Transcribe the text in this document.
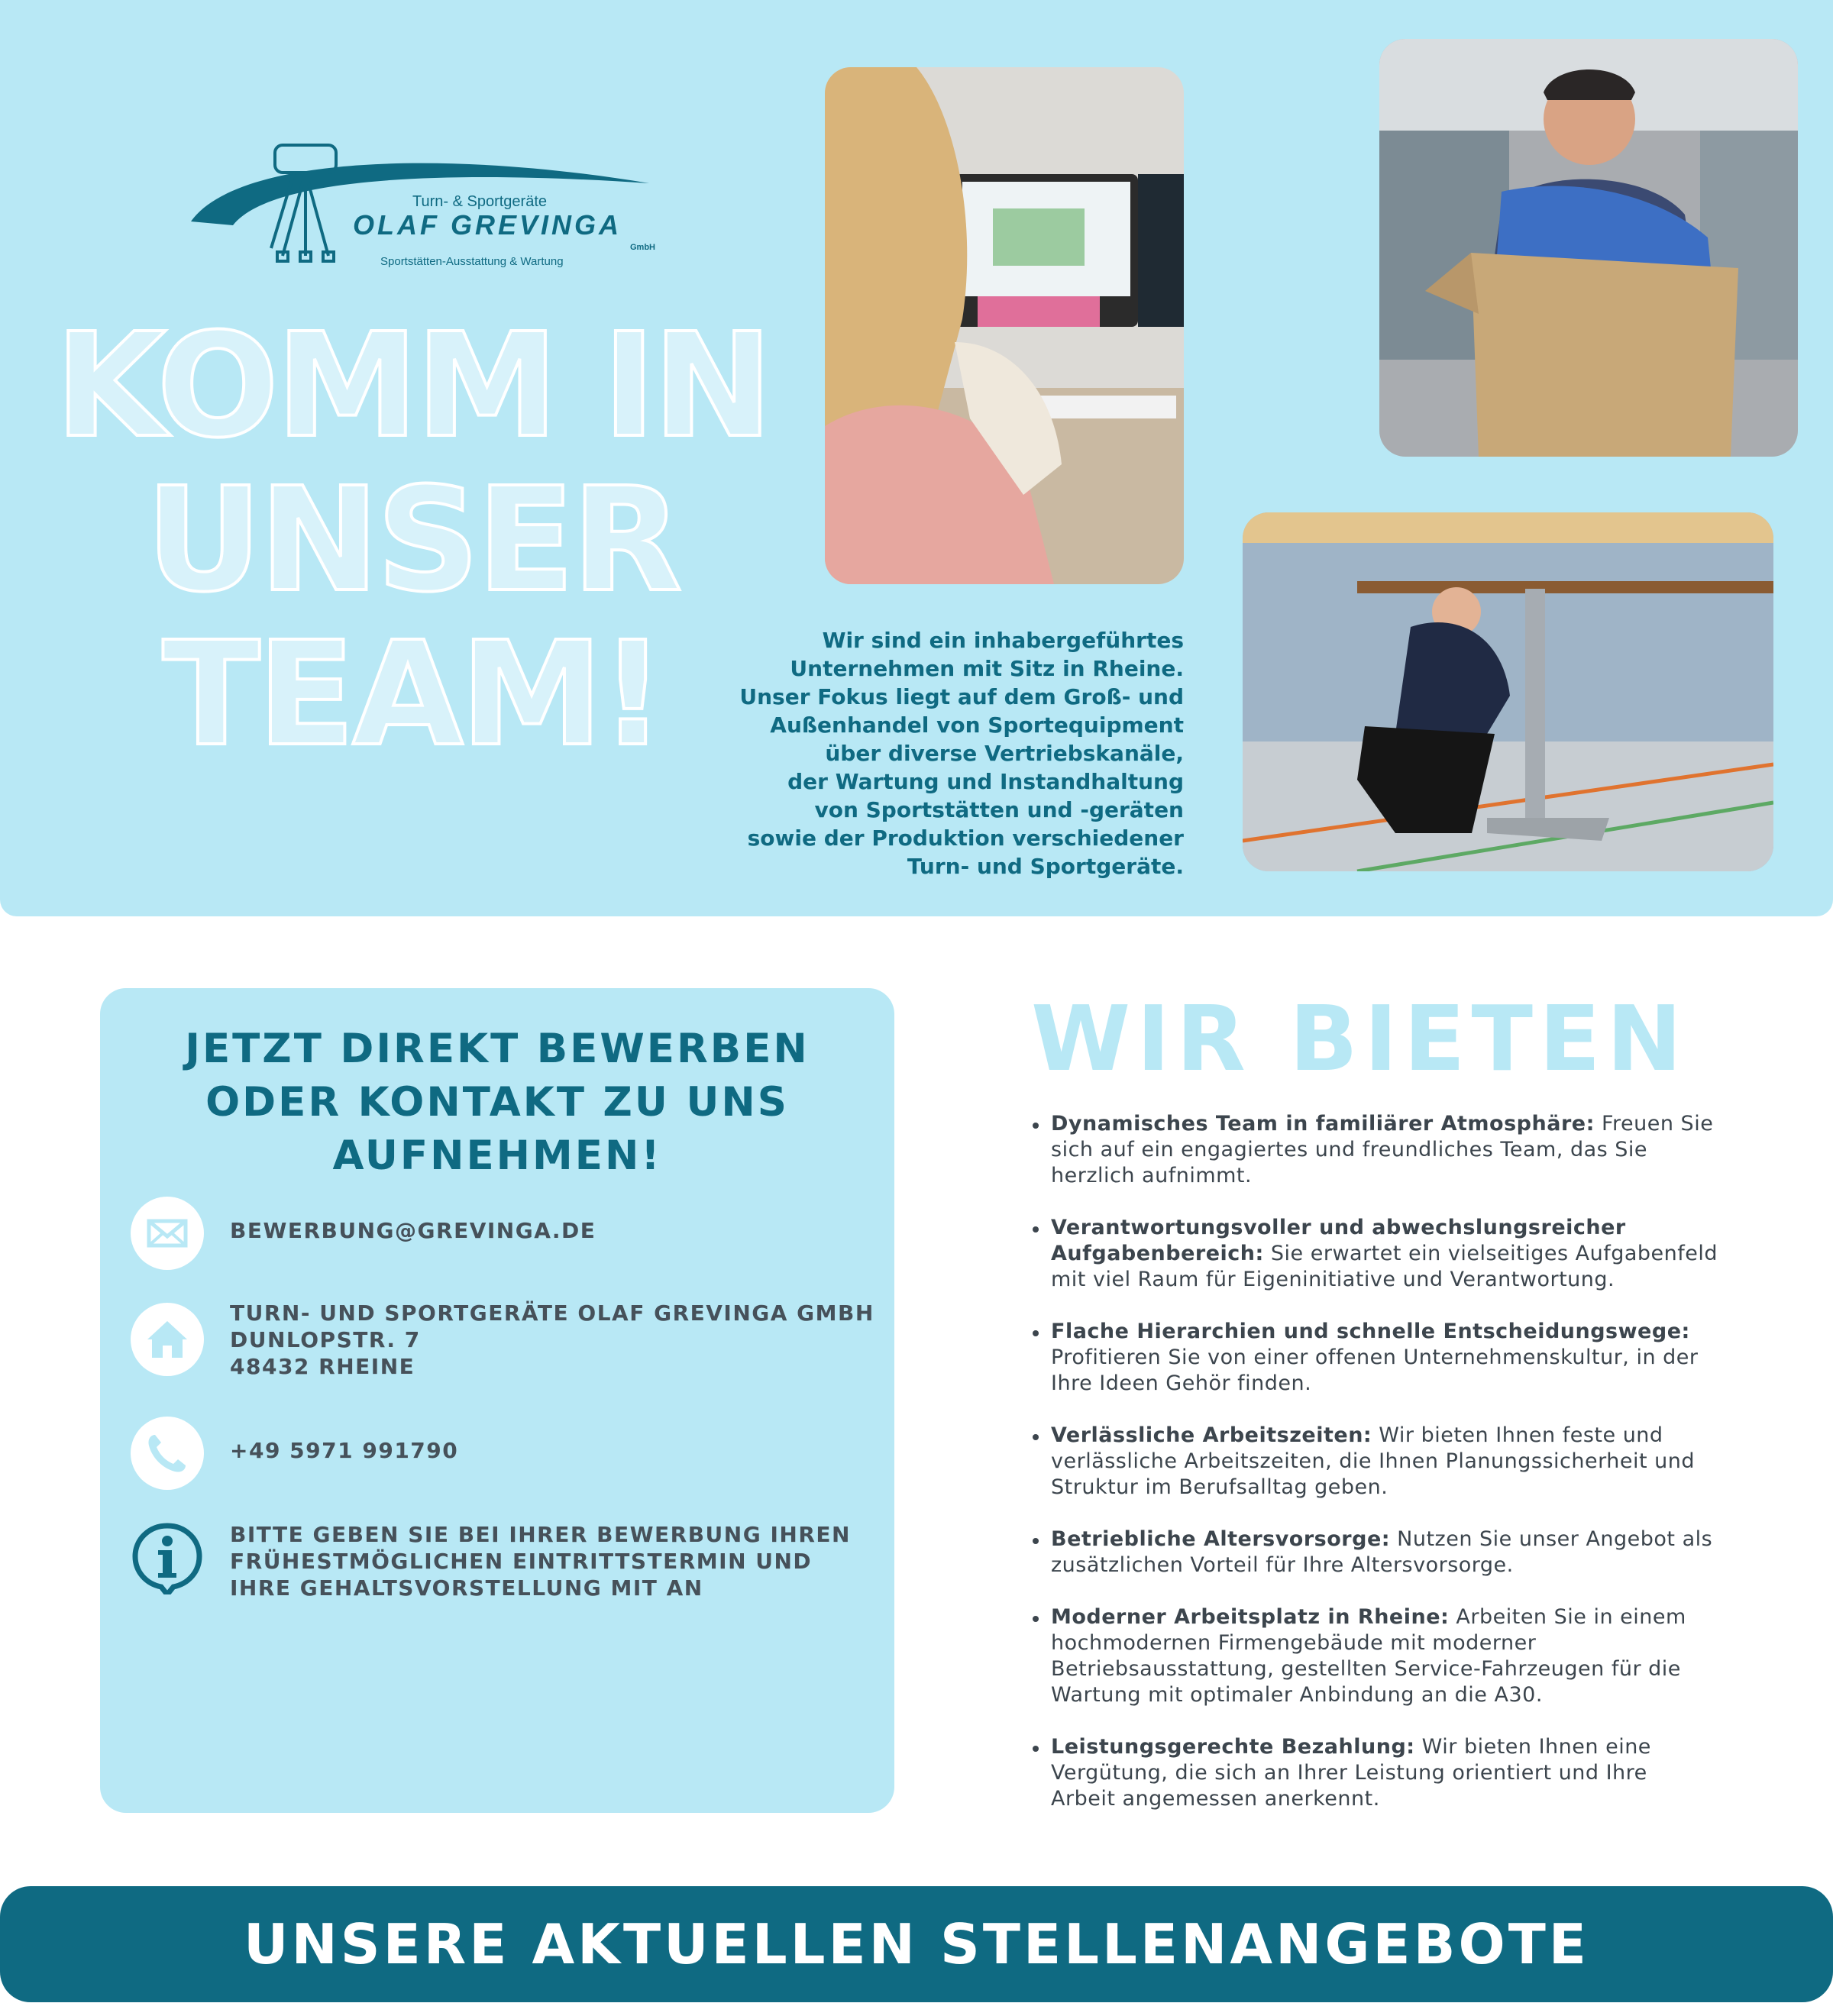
Turn- & Sportgeräte
OLAF GREVINGA
GmbH
Sportstätten-Ausstattung & Wartung
KOMM IN
UNSER
TEAM!	Wir sind ein inhabergeführtes
Unternehmen mit Sitz in Rheine.
Unser Fokus liegt auf dem Groß- und
Außenhandel von Sportequipment
über diverse Vertriebskanäle,
der Wartung und Instandhaltung
von Sportstätten und -geräten
sowie der Produktion verschiedener
Turn- und Sportgeräte.
JETZT DIREKT BEWERBEN ODER KONTAKT ZU UNS AUFNEHMEN!
BEWERBUNG@GREVINGA.DE
TURN- UND SPORTGERÄTE OLAF GREVINGA GMBH
DUNLOPSTR. 7
48432 RHEINE
+49 5971 991790
BITTE GEBEN SIE BEI IHRER BEWERBUNG IHREN FRÜHESTMÖGLICHEN EINTRITTSTERMIN UND IHRE GEHALTSVORSTELLUNG MIT AN
WIR BIETEN
Dynamisches Team in familiärer Atmosphäre: Freuen Sie sich auf ein engagiertes und freundliches Team, das Sie herzlich aufnimmt.
Verantwortungsvoller und abwechslungsreicher Aufgabenbereich: Sie erwartet ein vielseitiges Aufgabenfeld mit viel Raum für Eigeninitiative und Verantwortung.
Flache Hierarchien und schnelle Entscheidungswege: Profitieren Sie von einer offenen Unternehmenskultur, in der Ihre Ideen Gehör finden.
Verlässliche Arbeitszeiten: Wir bieten Ihnen feste und verlässliche Arbeitszeiten, die Ihnen Planungssicherheit und Struktur im Berufsalltag geben.
Betriebliche Altersvorsorge: Nutzen Sie unser Angebot als zusätzlichen Vorteil für Ihre Altersvorsorge.
Moderner Arbeitsplatz in Rheine: Arbeiten Sie in einem hochmodernen Firmengebäude mit moderner Betriebsausstattung, gestellten Service-Fahrzeugen für die Wartung mit optimaler Anbindung an die A30.
Leistungsgerechte Bezahlung: Wir bieten Ihnen eine Vergütung, die sich an Ihrer Leistung orientiert und Ihre Arbeit angemessen anerkennt.
UNSERE AKTUELLEN STELLENANGEBOTE
